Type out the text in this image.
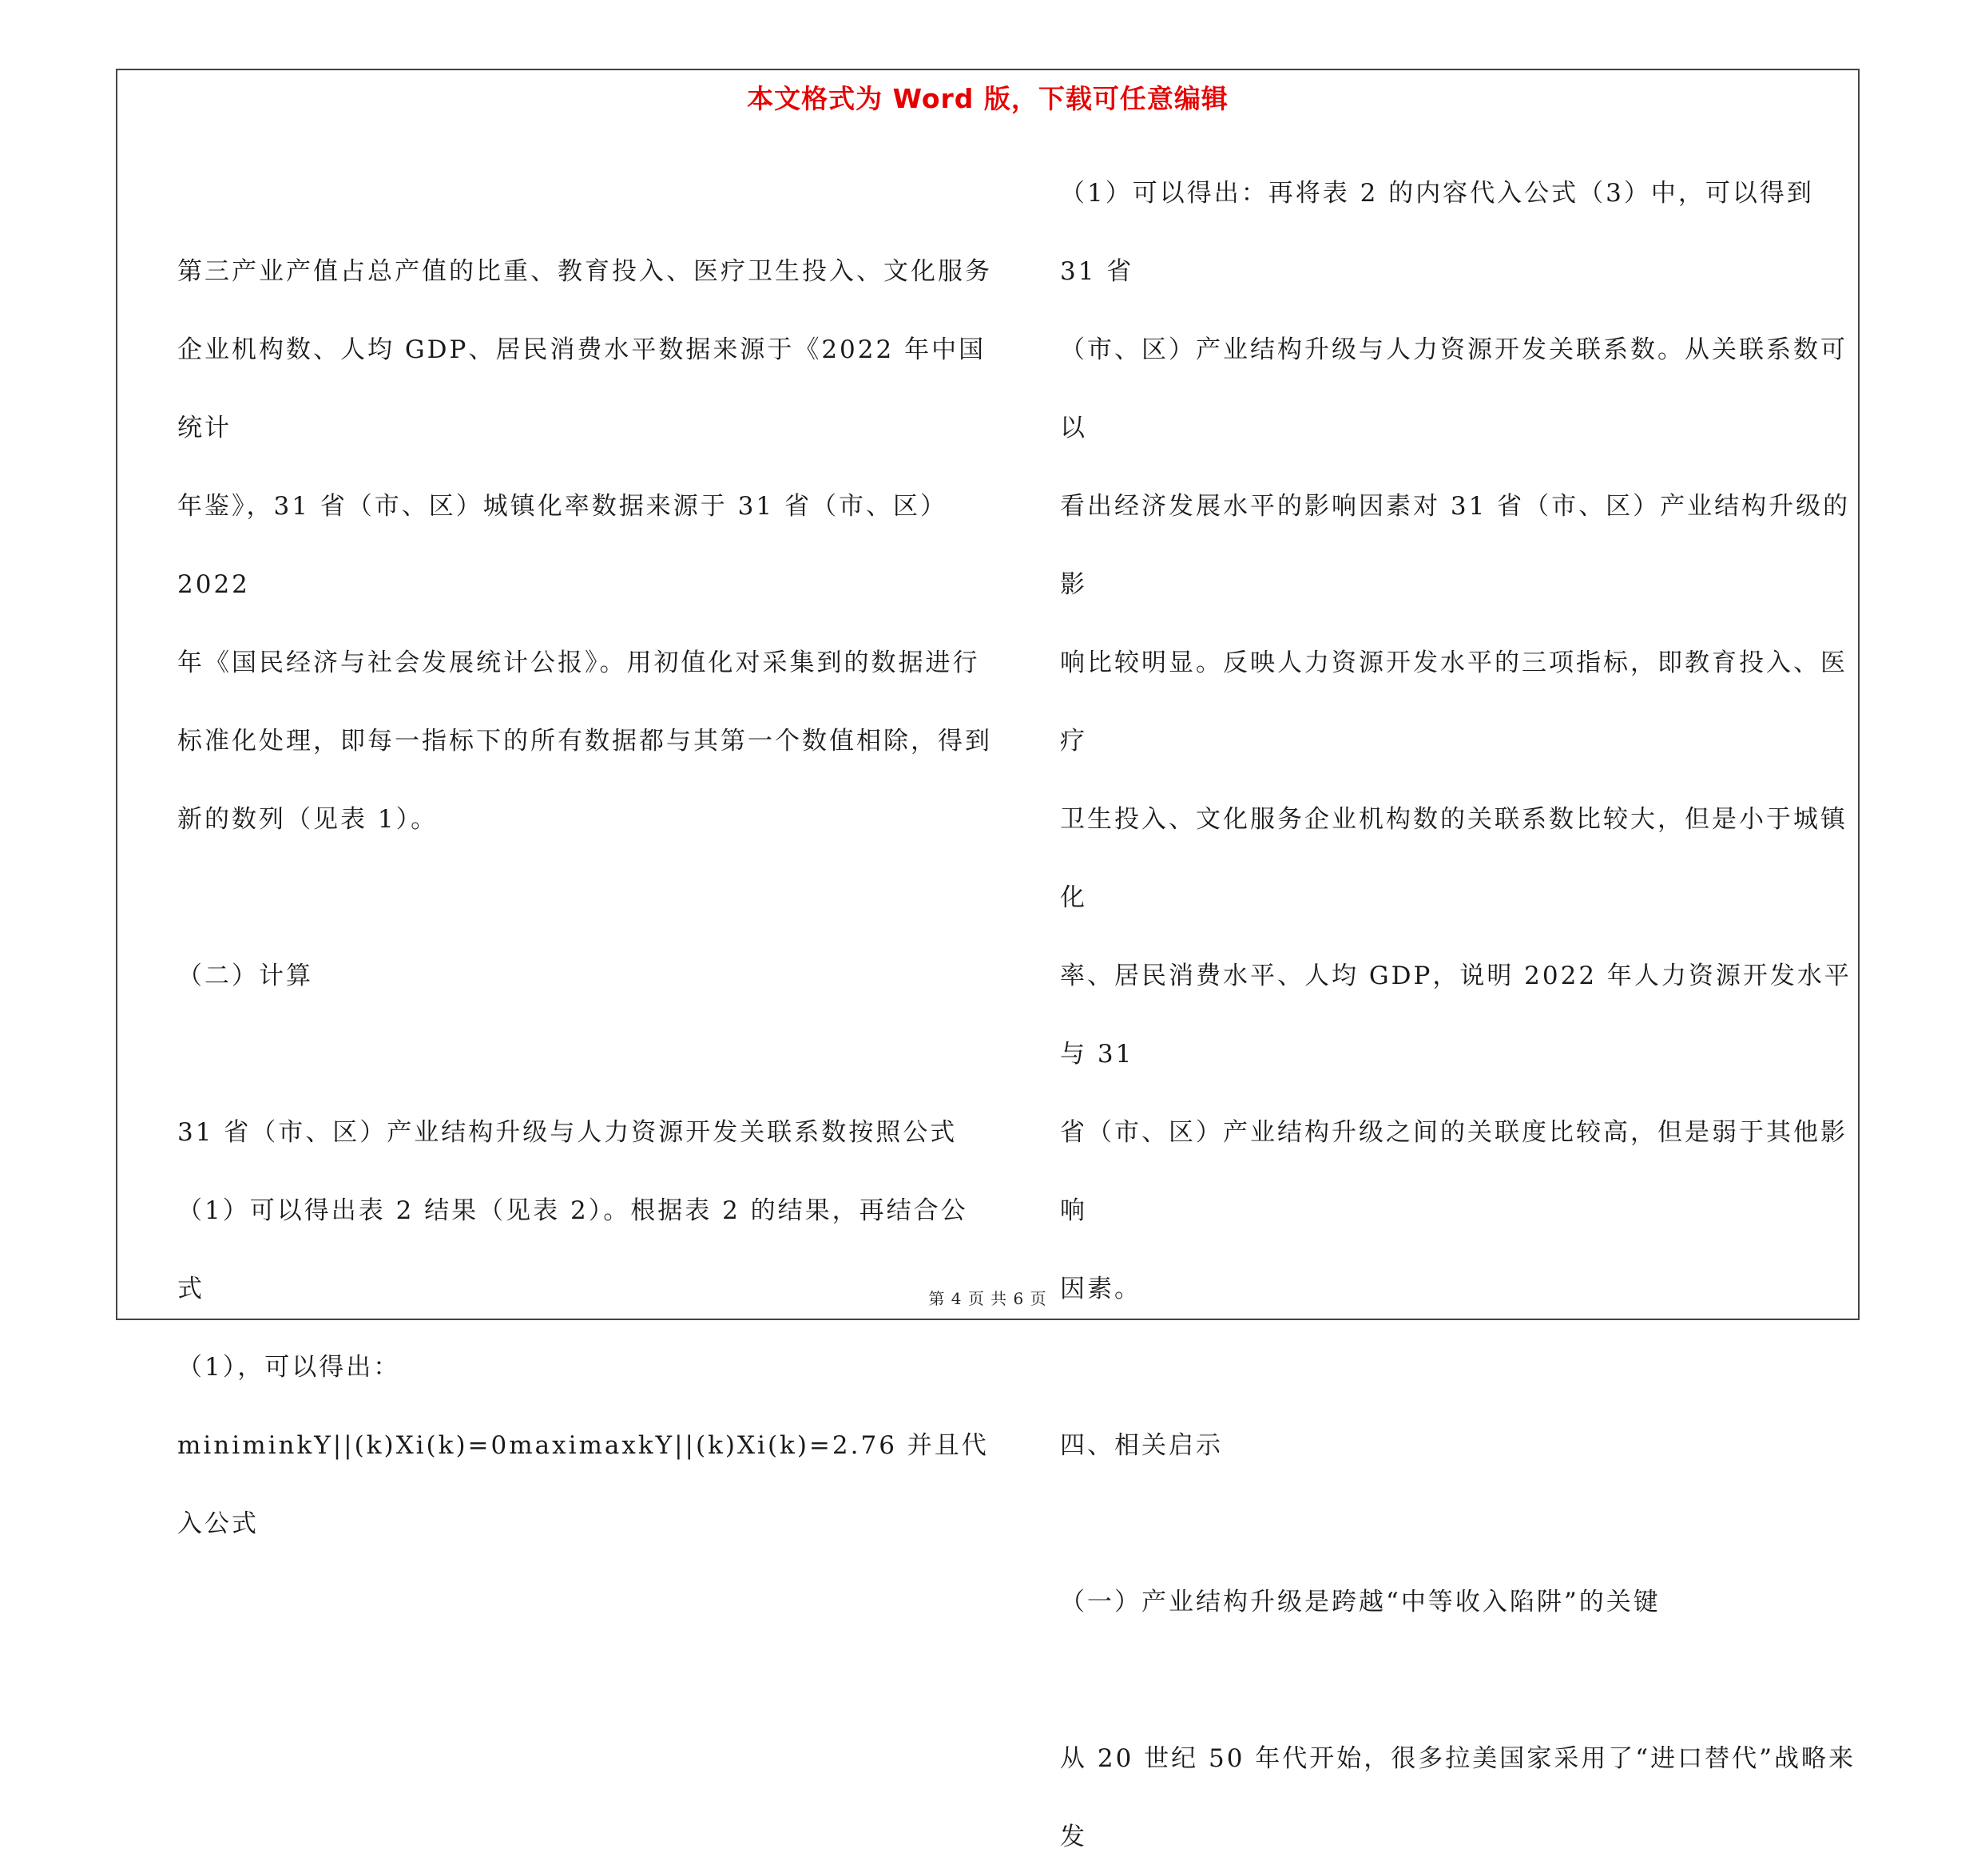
本文格式为 Word 版，下载可任意编辑

第三产业产值占总产值的比重、教育投入、医疗卫生投入、文化服务

企业机构数、人均 GDP、居民消费水平数据来源于《2022 年中国统计

年鉴》，31 省（市、区）城镇化率数据来源于 31 省（市、区）2022

年《国民经济与社会发展统计公报》。用初值化对采集到的数据进行

标准化处理，即每一指标下的所有数据都与其第一个数值相除，得到

新的数列（见表 1）。

（二）计算

31 省（市、区）产业结构升级与人力资源开发关联系数按照公式

（1）可以得出表 2 结果（见表 2）。根据表 2 的结果，再结合公式

（1），可以得出：

miniminkY||(k)Xi(k)=0maximaxkY||(k)Xi(k)=2.76 并且代入公式

（1）可以得出：再将表 2 的内容代入公式（3）中，可以得到 31 省

（市、区）产业结构升级与人力资源开发关联系数。从关联系数可以

看出经济发展水平的影响因素对 31 省（市、区）产业结构升级的影

响比较明显。反映人力资源开发水平的三项指标，即教育投入、医疗

卫生投入、文化服务企业机构数的关联系数比较大，但是小于城镇化

率、居民消费水平、人均 GDP，说明 2022 年人力资源开发水平与 31

省（市、区）产业结构升级之间的关联度比较高，但是弱于其他影响

因素。

四、相关启示

（一）产业结构升级是跨越“中等收入陷阱”的关键

从 20 世纪 50 年代开始，很多拉美国家采用了“进口替代”战略来发

第 4 页 共 6 页
